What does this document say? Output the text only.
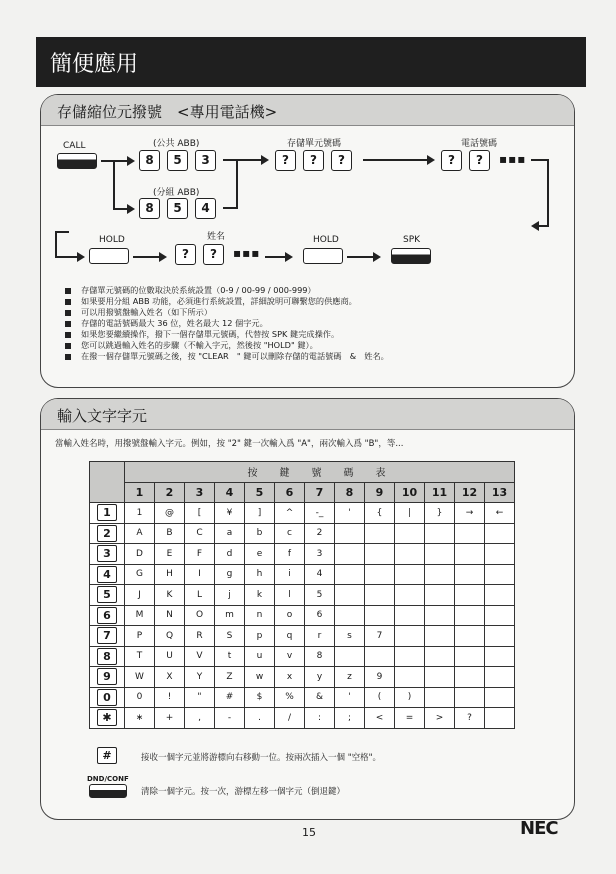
簡便應用
存儲縮位元撥號　<專用電話機>
CALL	(公共 ABB)
8	5	3
(分組 ABB)
8	5	4
存儲單元號碼
?	?	?
電話號碼
?	?	▪▪▪
HOLD	姓名
?	?	▪▪▪
HOLD	SPK
存儲單元號碼的位數取決於系統設置（0-9 / 00-99 / 000-999）
如果要用分組 ABB 功能，必須進行系統設置，詳細說明可聯繫您的供應商。
可以用撥號盤輸入姓名（如下所示）
存儲的電話號碼最大 36 位，姓名最大 12 個字元。
如果您要繼續操作，撥下一個存儲單元號碼，代替按 SPK 鍵完成操作。
您可以跳過輸入姓名的步驟（不輸入字元，然後按 "HOLD" 鍵）。
在撥一個存儲單元號碼之後，按 "CLEAR　" 鍵可以刪除存儲的電話號碼　&　姓名。
輸入文字字元
當輸入姓名時，用撥號盤輸入字元。例如，按 "2" 鍵一次輸入爲 "A"，兩次輸入爲 "B"，等...
	按　鍵　號　碼　表												
	1	2	3	4	5	6	7	8	9	10	11	12	13
1	1	@	[	¥	]	^	-_	'	{	|	}	→	←
2	A	B	C	a	b	c	2						
3	D	E	F	d	e	f	3						
4	G	H	I	g	h	i	4						
5	J	K	L	j	k	l	5						
6	M	N	O	m	n	o	6						
7	P	Q	R	S	p	q	r	s	7				
8	T	U	V	t	u	v	8						
9	W	X	Y	Z	w	x	y	z	9				
0	0	!	"	#	$	%	&	'	(	)			
✱	∗	+	,	-	.	/	:	;	<	=	>	?	
#	接收一個字元並將游標向右移動一位。按兩次插入一個 "空格"。
DND/CONF
清除一個字元。按一次，游標左移一個字元（倒退鍵）
15	NEC
